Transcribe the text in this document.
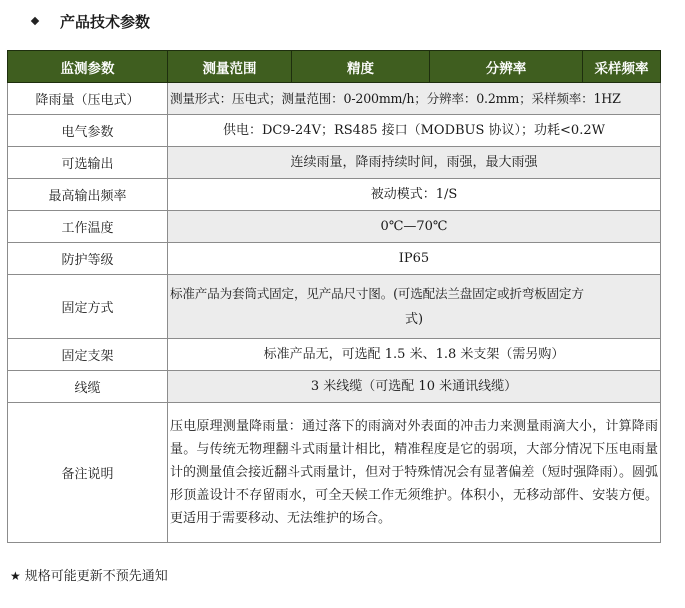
产品技术参数
监测参数	测量范围	精度	分辨率	采样频率
降雨量（压电式）	测量形式：压电式；测量范围：0-200mm/h；分辨率：0.2mm；采样频率：1HZ			
电气参数	供电：DC9-24V；RS485 接口（MODBUS 协议）；功耗<0.2W			
可选输出	连续雨量，降雨持续时间，雨强，最大雨强			
最高输出频率	被动模式：1/S			
工作温度	0℃—70℃			
防护等级	IP65			
固定方式	标准产品为套筒式固定，见产品尺寸图。(可选配法兰盘固定或折弯板固定方
式)			

固定支架	标准产品无，可选配 1.5 米、1.8 米支架（需另购）			
线缆	3 米线缆（可选配 10 米通讯线缆）			
备注说明	压电原理测量降雨量：通过落下的雨滴对外表面的冲击力来测量雨滴大小，计算降雨量。与传统无物理翻斗式雨量计相比，精准程度是它的弱项，大部分情况下压电雨量计的测量值会接近翻斗式雨量计，但对于特殊情况会有显著偏差（短时强降雨）。圆弧形顶盖设计不存留雨水，可全天候工作无须维护。体积小，无移动部件、安装方便。更适用于需要移动、无法维护的场合。			
★ 规格可能更新不预先通知
